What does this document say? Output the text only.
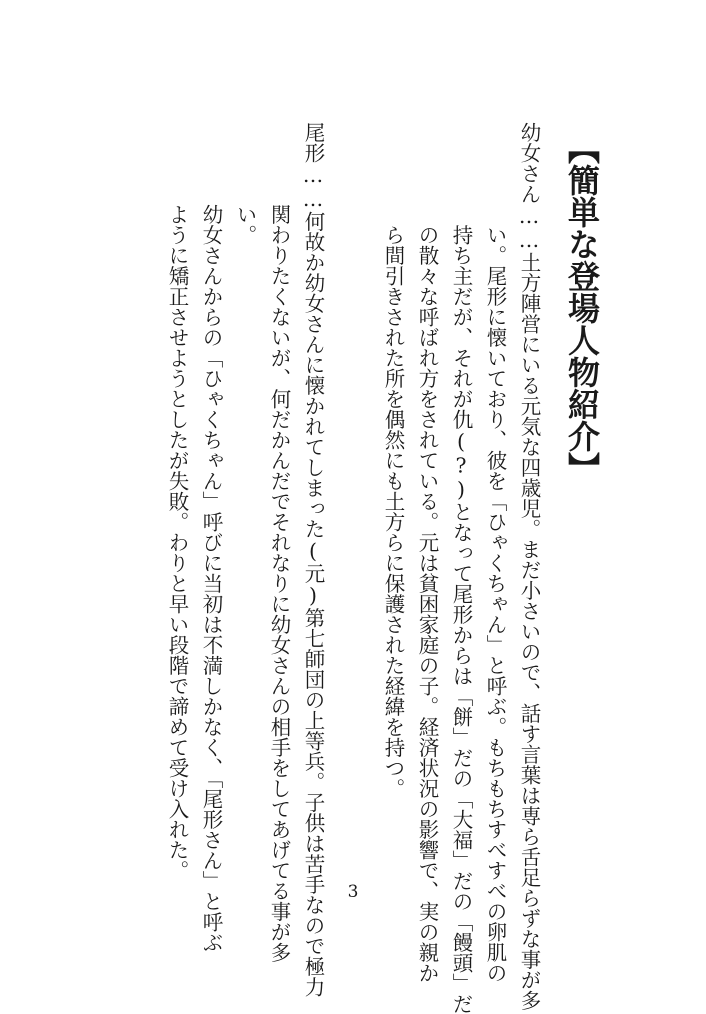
【簡単な登場人物紹介】
幼女さん……土方陣営にいる元気な四歳児。まだ小さいので、話す言葉は専ら舌足らずな事が多
　　　　　い。尾形に懐いており、彼を「ひゃくちゃん」と呼ぶ。もちもちすべすべの卵肌の
　　　　　持ち主だが、それが仇(?)となって尾形からは「餅」だの「大福」だの「饅頭」だ
　　　　　の散々な呼ばれ方をされている。元は貧困家庭の子。経済状況の影響で、実の親か
　　　　　ら間引きされた所を偶然にも土方らに保護された経緯を持つ。
尾形……何故か幼女さんに懐かれてしまった(元)第七師団の上等兵。子供は苦手なので極力
　　　　関わりたくないが、何だかんだでそれなりに幼女さんの相手をしてあげてる事が多
　　　　い。
　　　　幼女さんからの「ひゃくちゃん」呼びに当初は不満しかなく、「尾形さん」と呼ぶ
　　　　ように矯正させようとしたが失敗。わりと早い段階で諦めて受け入れた。
3
